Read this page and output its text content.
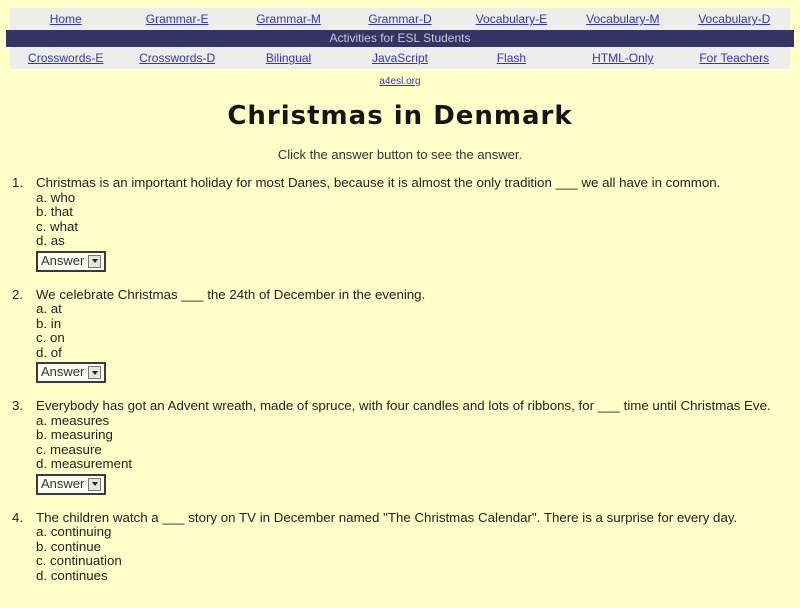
Home	Grammar-E	Grammar-M	Grammar-D	Vocabulary-E	Vocabulary-M	Vocabulary-D
Activities for ESL Students
Crosswords-E	Crosswords-D	Bilingual	JavaScript	Flash	HTML-Only	For Teachers
a4esl.org
Christmas in Denmark

Click the answer button to see the answer.

1. Christmas is an important holiday for most Danes, because it is almost the only tradition ___ we all have in common.
a. who
b. that
c. what
d. as
Answer
2. We celebrate Christmas ___ the 24th of December in the evening.
a. at
b. in
c. on
d. of
Answer
3. Everybody has got an Advent wreath, made of spruce, with four candles and lots of ribbons, for ___ time until Christmas Eve.
a. measures
b. measuring
c. measure
d. measurement
Answer
4. The children watch a ___ story on TV in December named "The Christmas Calendar". There is a surprise for every day.
a. continuing
b. continue
c. continuation
d. continues
